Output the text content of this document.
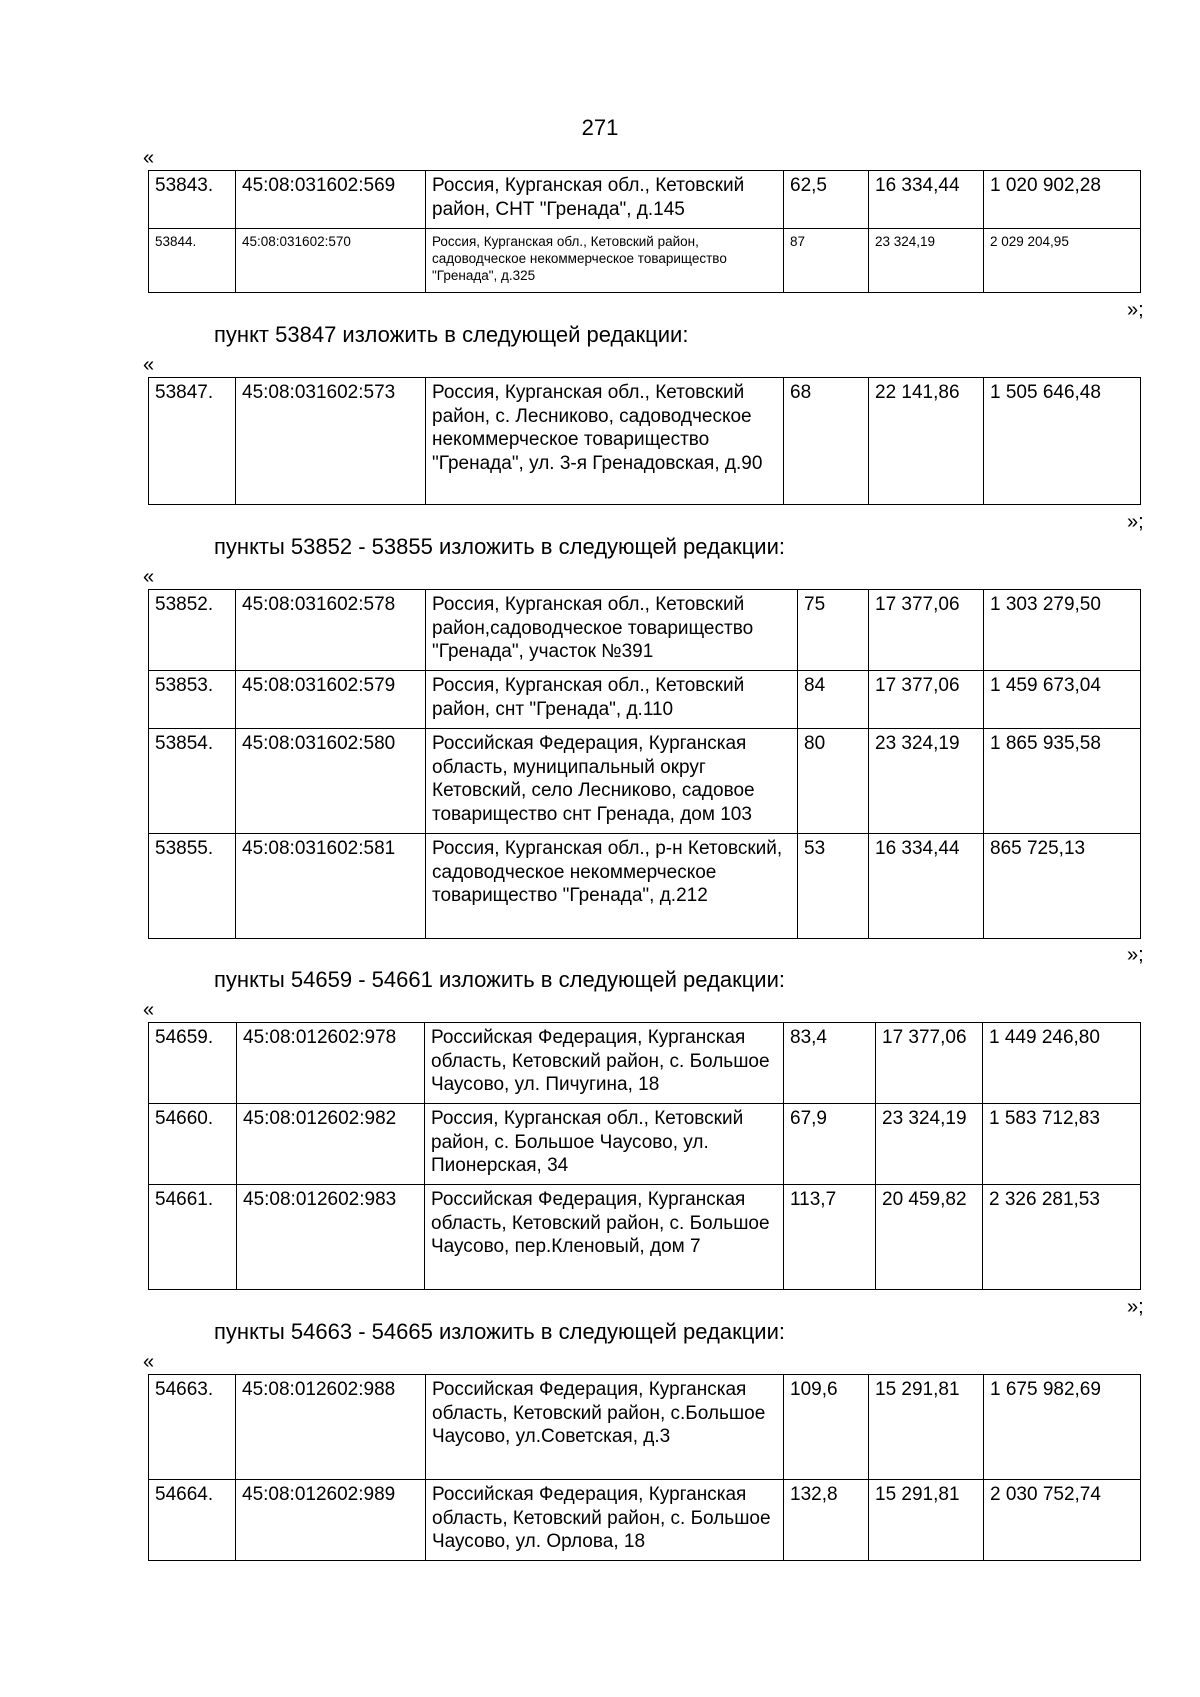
271
«
53843.	45:08:031602:569	Россия, Курганская обл., Кетовский район, СНТ "Гренада", д.145	62,5	16 334,44	1 020 902,28
53844.	45:08:031602:570	Россия, Курганская обл., Кетовский район, садоводческое некоммерческое товарищество "Гренада", д.325	87	23 324,19	2 029 204,95
»;
пункт 53847 изложить в следующей редакции:
«
53847.	45:08:031602:573	Россия, Курганская обл., Кетовский район, с. Лесниково, садоводческое некоммерческое товарищество "Гренада", ул. 3-я Гренадовская, д.90	68	22 141,86	1 505 646,48
»;
пункты 53852 - 53855 изложить в следующей редакции:
«
53852.	45:08:031602:578	Россия, Курганская обл., Кетовский район,садоводческое товарищество "Гренада", участок №391	75	17 377,06	1 303 279,50
53853.	45:08:031602:579	Россия, Курганская обл., Кетовский район, снт "Гренада", д.110	84	17 377,06	1 459 673,04
53854.	45:08:031602:580	Российская Федерация, Курганская область, муниципальный округ Кетовский, село Лесниково, садовое товарищество снт Гренада, дом 103	80	23 324,19	1 865 935,58
53855.	45:08:031602:581	Россия, Курганская обл., р-н Кетовский, садоводческое некоммерческое товарищество "Гренада", д.212	53	16 334,44	865 725,13
»;
пункты 54659 - 54661 изложить в следующей редакции:
«
54659.	45:08:012602:978	Российская Федерация, Курганская область, Кетовский район, с. Большое Чаусово, ул. Пичугина, 18	83,4	17 377,06	1 449 246,80
54660.	45:08:012602:982	Россия, Курганская обл., Кетовский район, с. Большое Чаусово, ул. Пионерская, 34	67,9	23 324,19	1 583 712,83
54661.	45:08:012602:983	Российская Федерация, Курганская область, Кетовский район, с. Большое Чаусово, пер.Кленовый, дом 7	113,7	20 459,82	2 326 281,53
»;
пункты 54663 - 54665 изложить в следующей редакции:
«
54663.	45:08:012602:988	Российская Федерация, Курганская область, Кетовский район, с.Большое Чаусово, ул.Советская, д.3	109,6	15 291,81	1 675 982,69
54664.	45:08:012602:989	Российская Федерация, Курганская область, Кетовский район, с. Большое Чаусово, ул. Орлова, 18	132,8	15 291,81	2 030 752,74
